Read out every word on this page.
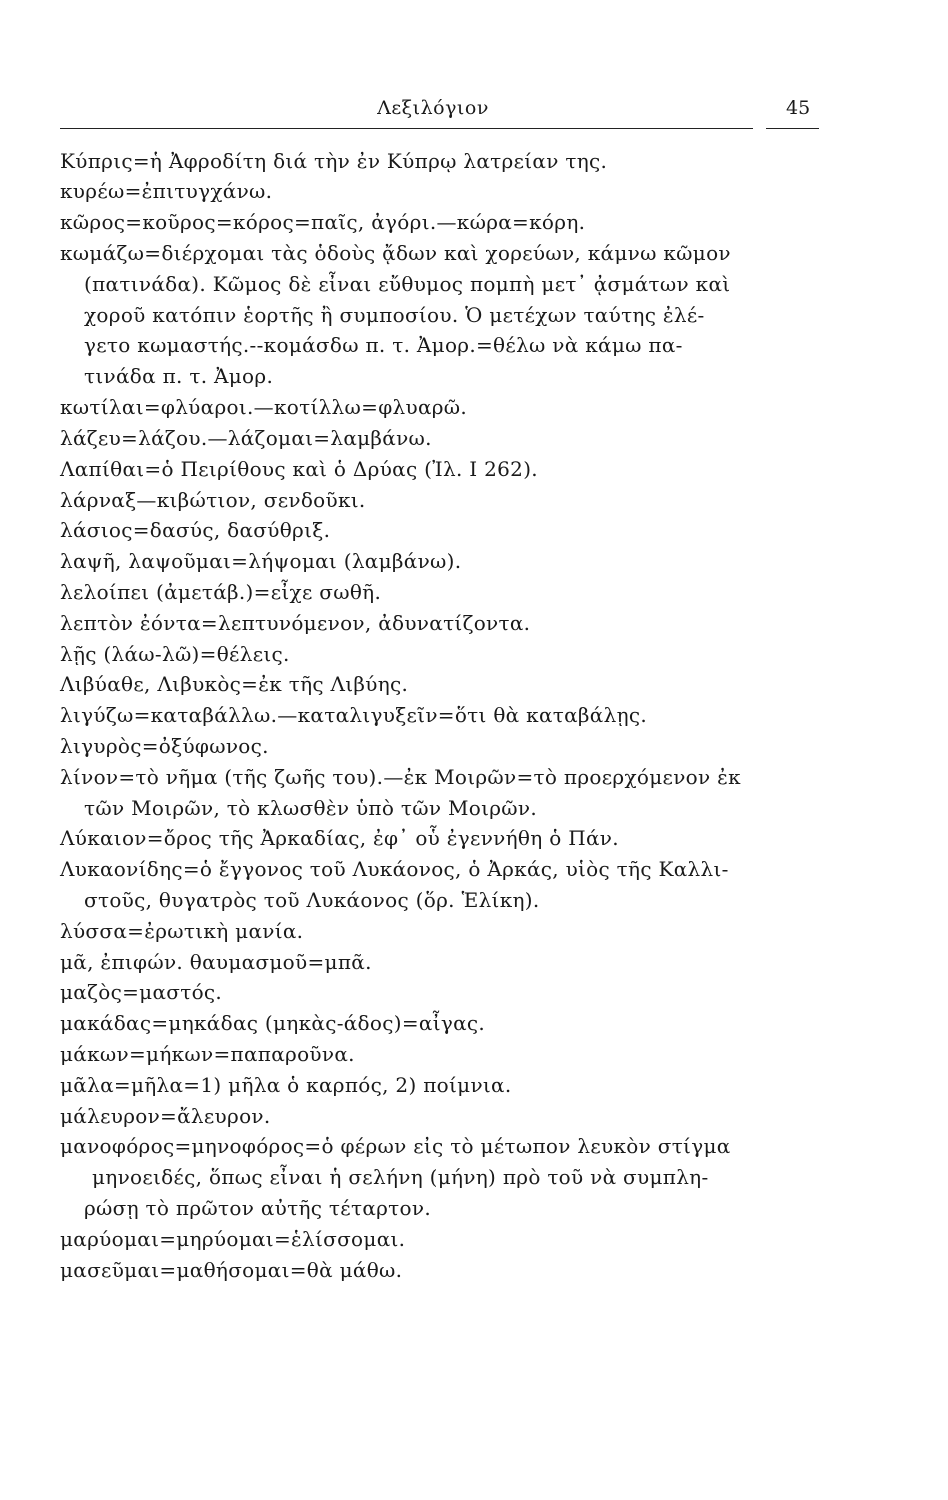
Λεξιλόγιον	45
Κύπρις=ἡ Ἀφροδίτη διά τὴν ἐν Κύπρῳ λατρείαν της.
κυρέω=ἐπιτυγχάνω.
κῶρος=κοῦρος=κόρος=παῖς, ἀγόρι.—κώρα=κόρη.
κωμάζω=διέρχομαι τὰς ὁδοὺς ᾄδων καὶ χορεύων, κάμνω κῶμον
(πατινάδα). Κῶμος δὲ εἶναι εὔθυμος πομπὴ μετ᾽ ᾀσμάτων καὶ
χοροῦ κατόπιν ἑορτῆς ἢ συμποσίου. Ὁ μετέχων ταύτης ἐλέ-
γετο κωμαστής.--κομάσδω π. τ. Ἀμορ.=θέλω νὰ κάμω πα-
τινάδα π. τ. Ἀμορ.
κωτίλαι=φλύαροι.—κοτίλλω=φλυαρῶ.
λάζευ=λάζου.—λάζομαι=λαμβάνω.
Λαπίθαι=ὁ Πειρίθους καὶ ὁ Δρύας (Ἰλ. Ι 262).
λάρναξ—κιβώτιον, σενδοῦκι.
λάσιος=δασύς, δασύθριξ.
λαψῆ, λαψοῦμαι=λήψομαι (λαμβάνω).
λελοίπει (ἀμετάβ.)=εἶχε σωθῆ.
λεπτὸν ἐόντα=λεπτυνόμενον, ἀδυνατίζοντα.
λῇς (λάω-λῶ)=θέλεις.
Λιβύαθε, Λιβυκὸς=ἐκ τῆς Λιβύης.
λιγύζω=καταβάλλω.—καταλιγυξεῖν=ὅτι θὰ καταβάλῃς.
λιγυρὸς=ὀξύφωνος.
λίνον=τὸ νῆμα (τῆς ζωῆς του).—ἐκ Μοιρῶν=τὸ προερχόμενον ἐκ
τῶν Μοιρῶν, τὸ κλωσθὲν ὑπὸ τῶν Μοιρῶν.
Λύκαιον=ὄρος τῆς Ἀρκαδίας, ἐφ᾽ οὗ ἐγεννήθη ὁ Πάν.
Λυκαονίδης=ὁ ἔγγονος τοῦ Λυκάονος, ὁ Ἀρκάς, υἱὸς τῆς Καλλι-
στοῦς, θυγατρὸς τοῦ Λυκάονος (ὅρ. Ἑλίκη).
λύσσα=ἐρωτικὴ μανία.
μᾶ, ἐπιφών. θαυμασμοῦ=μπᾶ.
μαζὸς=μαστός.
μακάδας=μηκάδας (μηκὰς-άδος)=αἶγας.
μάκων=μήκων=παπαροῦνα.
μᾶλα=μῆλα=1) μῆλα ὁ καρπός, 2) ποίμνια.
μάλευρον=ἄλευρον.
μανοφόρος=μηνοφόρος=ὁ φέρων εἰς τὸ μέτωπον λευκὸν στίγμα
μηνοειδές, ὅπως εἶναι ἡ σελήνη (μήνη) πρὸ τοῦ νὰ συμπλη-
ρώσῃ τὸ πρῶτον αὐτῆς τέταρτον.
μαρύομαι=μηρύομαι=ἑλίσσομαι.
μασεῦμαι=μαθήσομαι=θὰ μάθω.
